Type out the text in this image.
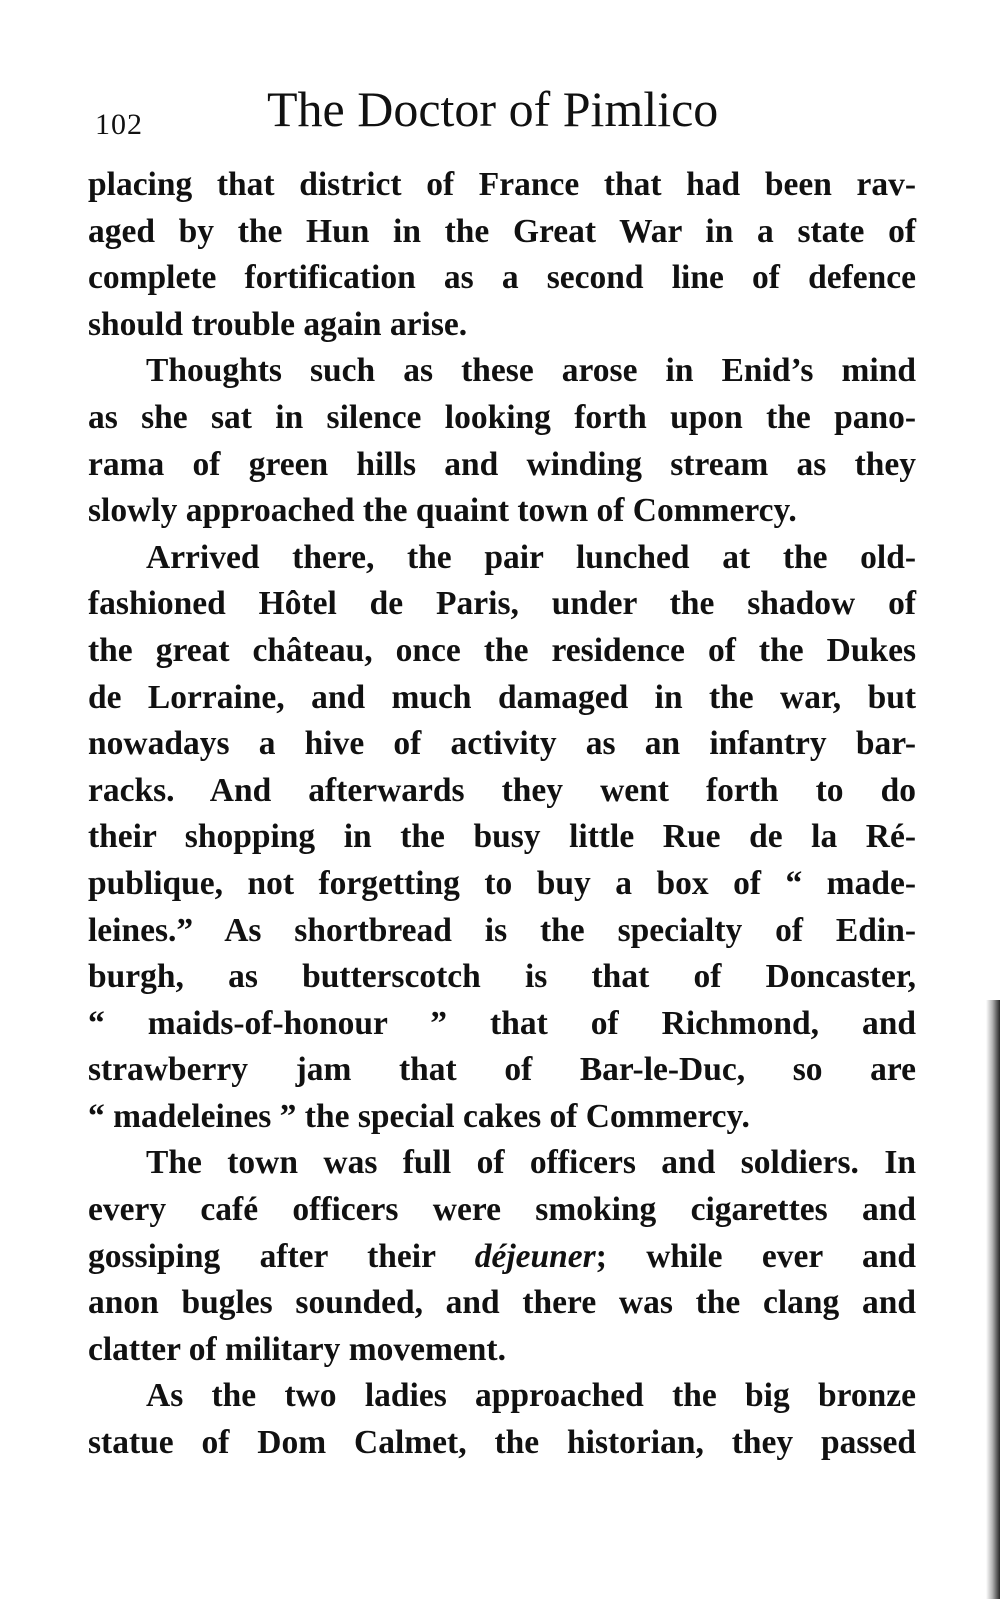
102 The Doctor of Pimlico
placing that district of France that had been rav-
aged by the Hun in the Great War in a state of
complete fortification as a second line of defence
should trouble again arise.
Thoughts such as these arose in Enid’s mind
as she sat in silence looking forth upon the pano-
rama of green hills and winding stream as they
slowly approached the quaint town of Commercy.
Arrived there, the pair lunched at the old-
fashioned Hôtel de Paris, under the shadow of
the great château, once the residence of the Dukes
de Lorraine, and much damaged in the war, but
nowadays a hive of activity as an infantry bar-
racks. And afterwards they went forth to do
their shopping in the busy little Rue de la Ré-
publique, not forgetting to buy a box of “ made-
leines.” As shortbread is the specialty of Edin-
burgh, as butterscotch is that of Doncaster,
“ maids-of-honour ” that of Richmond, and
strawberry jam that of Bar-le-Duc, so are
“ madeleines ” the special cakes of Commercy.
The town was full of officers and soldiers. In
every café officers were smoking cigarettes and
gossiping after their déjeuner; while ever and
anon bugles sounded, and there was the clang and
clatter of military movement.
As the two ladies approached the big bronze
statue of Dom Calmet, the historian, they passed
